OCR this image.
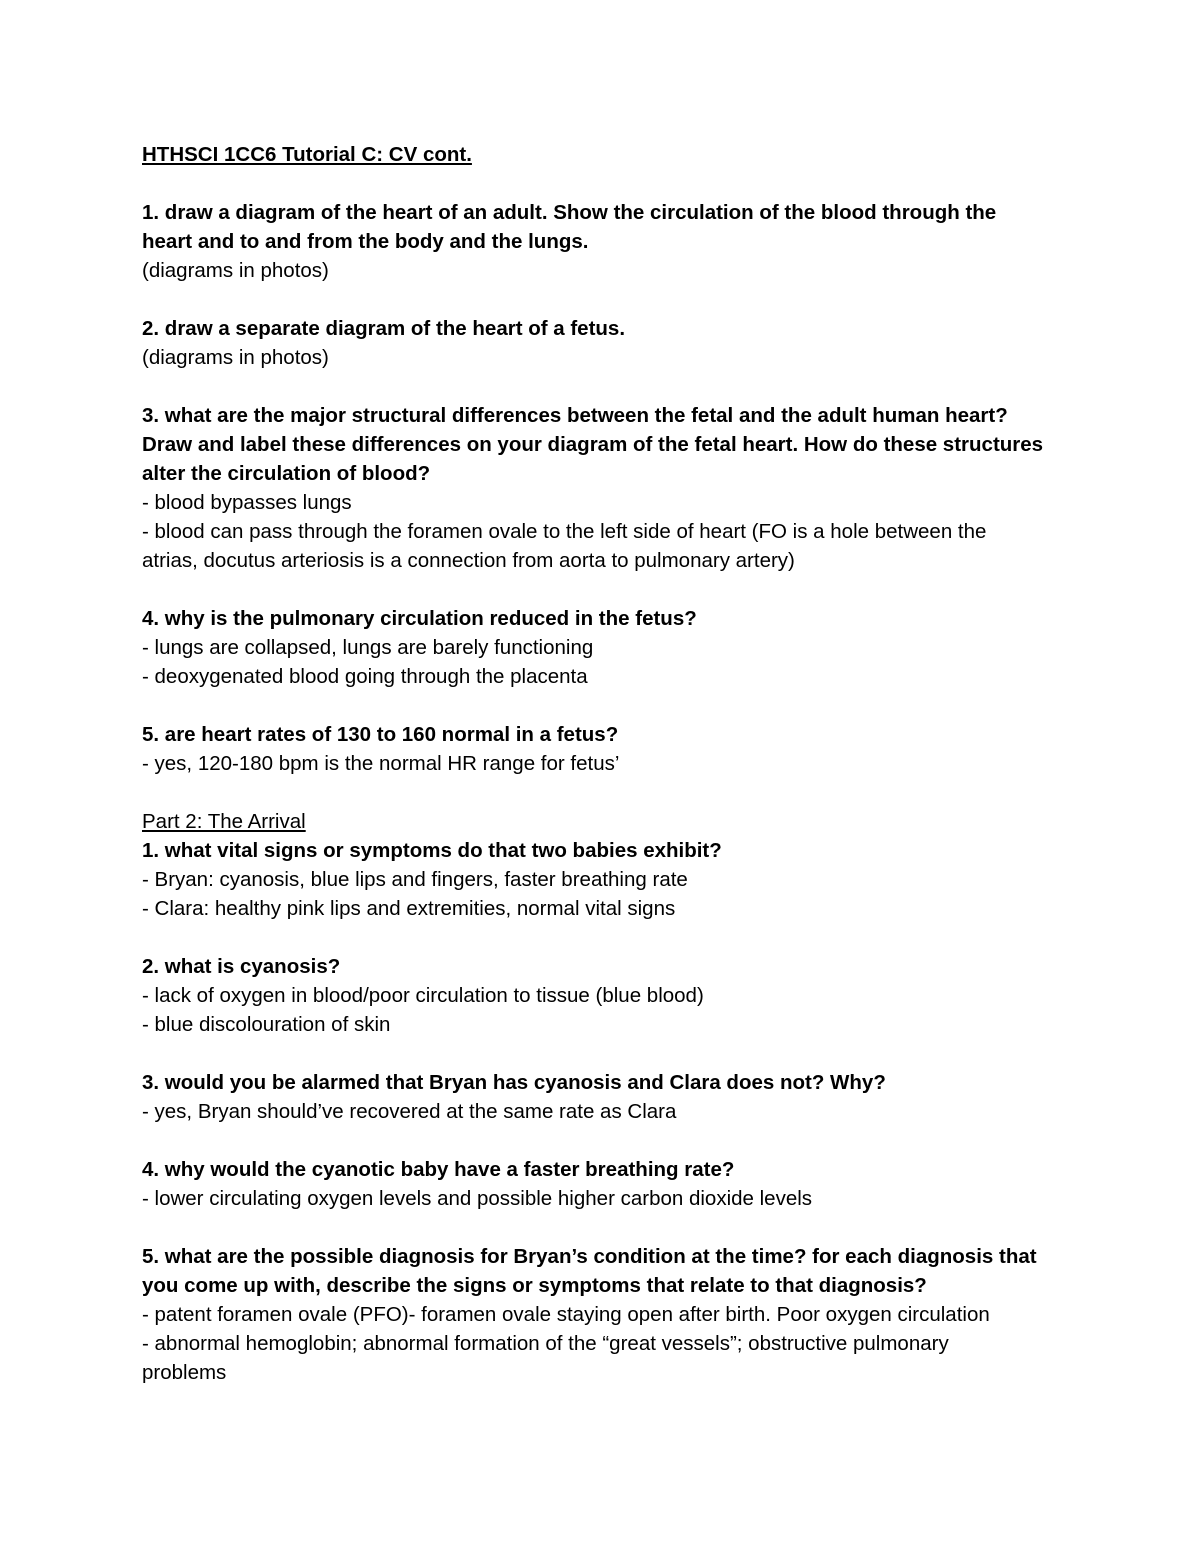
HTHSCI 1CC6 Tutorial C: CV cont.
1. draw a diagram of the heart of an adult. Show the circulation of the blood through the
heart and to and from the body and the lungs.
(diagrams in photos)
2. draw a separate diagram of the heart of a fetus.
(diagrams in photos)
3. what are the major structural differences between the fetal and the adult human heart?
Draw and label these differences on your diagram of the fetal heart. How do these structures
alter the circulation of blood?
- blood bypasses lungs
- blood can pass through the foramen ovale to the left side of heart (FO is a hole between the
atrias, docutus arteriosis is a connection from aorta to pulmonary artery)
4. why is the pulmonary circulation reduced in the fetus?
- lungs are collapsed, lungs are barely functioning
- deoxygenated blood going through the placenta
5. are heart rates of 130 to 160 normal in a fetus?
- yes, 120-180 bpm is the normal HR range for fetus’
Part 2: The Arrival
1. what vital signs or symptoms do that two babies exhibit?
- Bryan: cyanosis, blue lips and fingers, faster breathing rate
- Clara: healthy pink lips and extremities, normal vital signs
2. what is cyanosis?
- lack of oxygen in blood/poor circulation to tissue (blue blood)
- blue discolouration of skin
3. would you be alarmed that Bryan has cyanosis and Clara does not? Why?
- yes, Bryan should’ve recovered at the same rate as Clara
4. why would the cyanotic baby have a faster breathing rate?
- lower circulating oxygen levels and possible higher carbon dioxide levels
5. what are the possible diagnosis for Bryan’s condition at the time? for each diagnosis that
you come up with, describe the signs or symptoms that relate to that diagnosis?
- patent foramen ovale (PFO)- foramen ovale staying open after birth. Poor oxygen circulation
- abnormal hemoglobin; abnormal formation of the “great vessels”; obstructive pulmonary
problems
